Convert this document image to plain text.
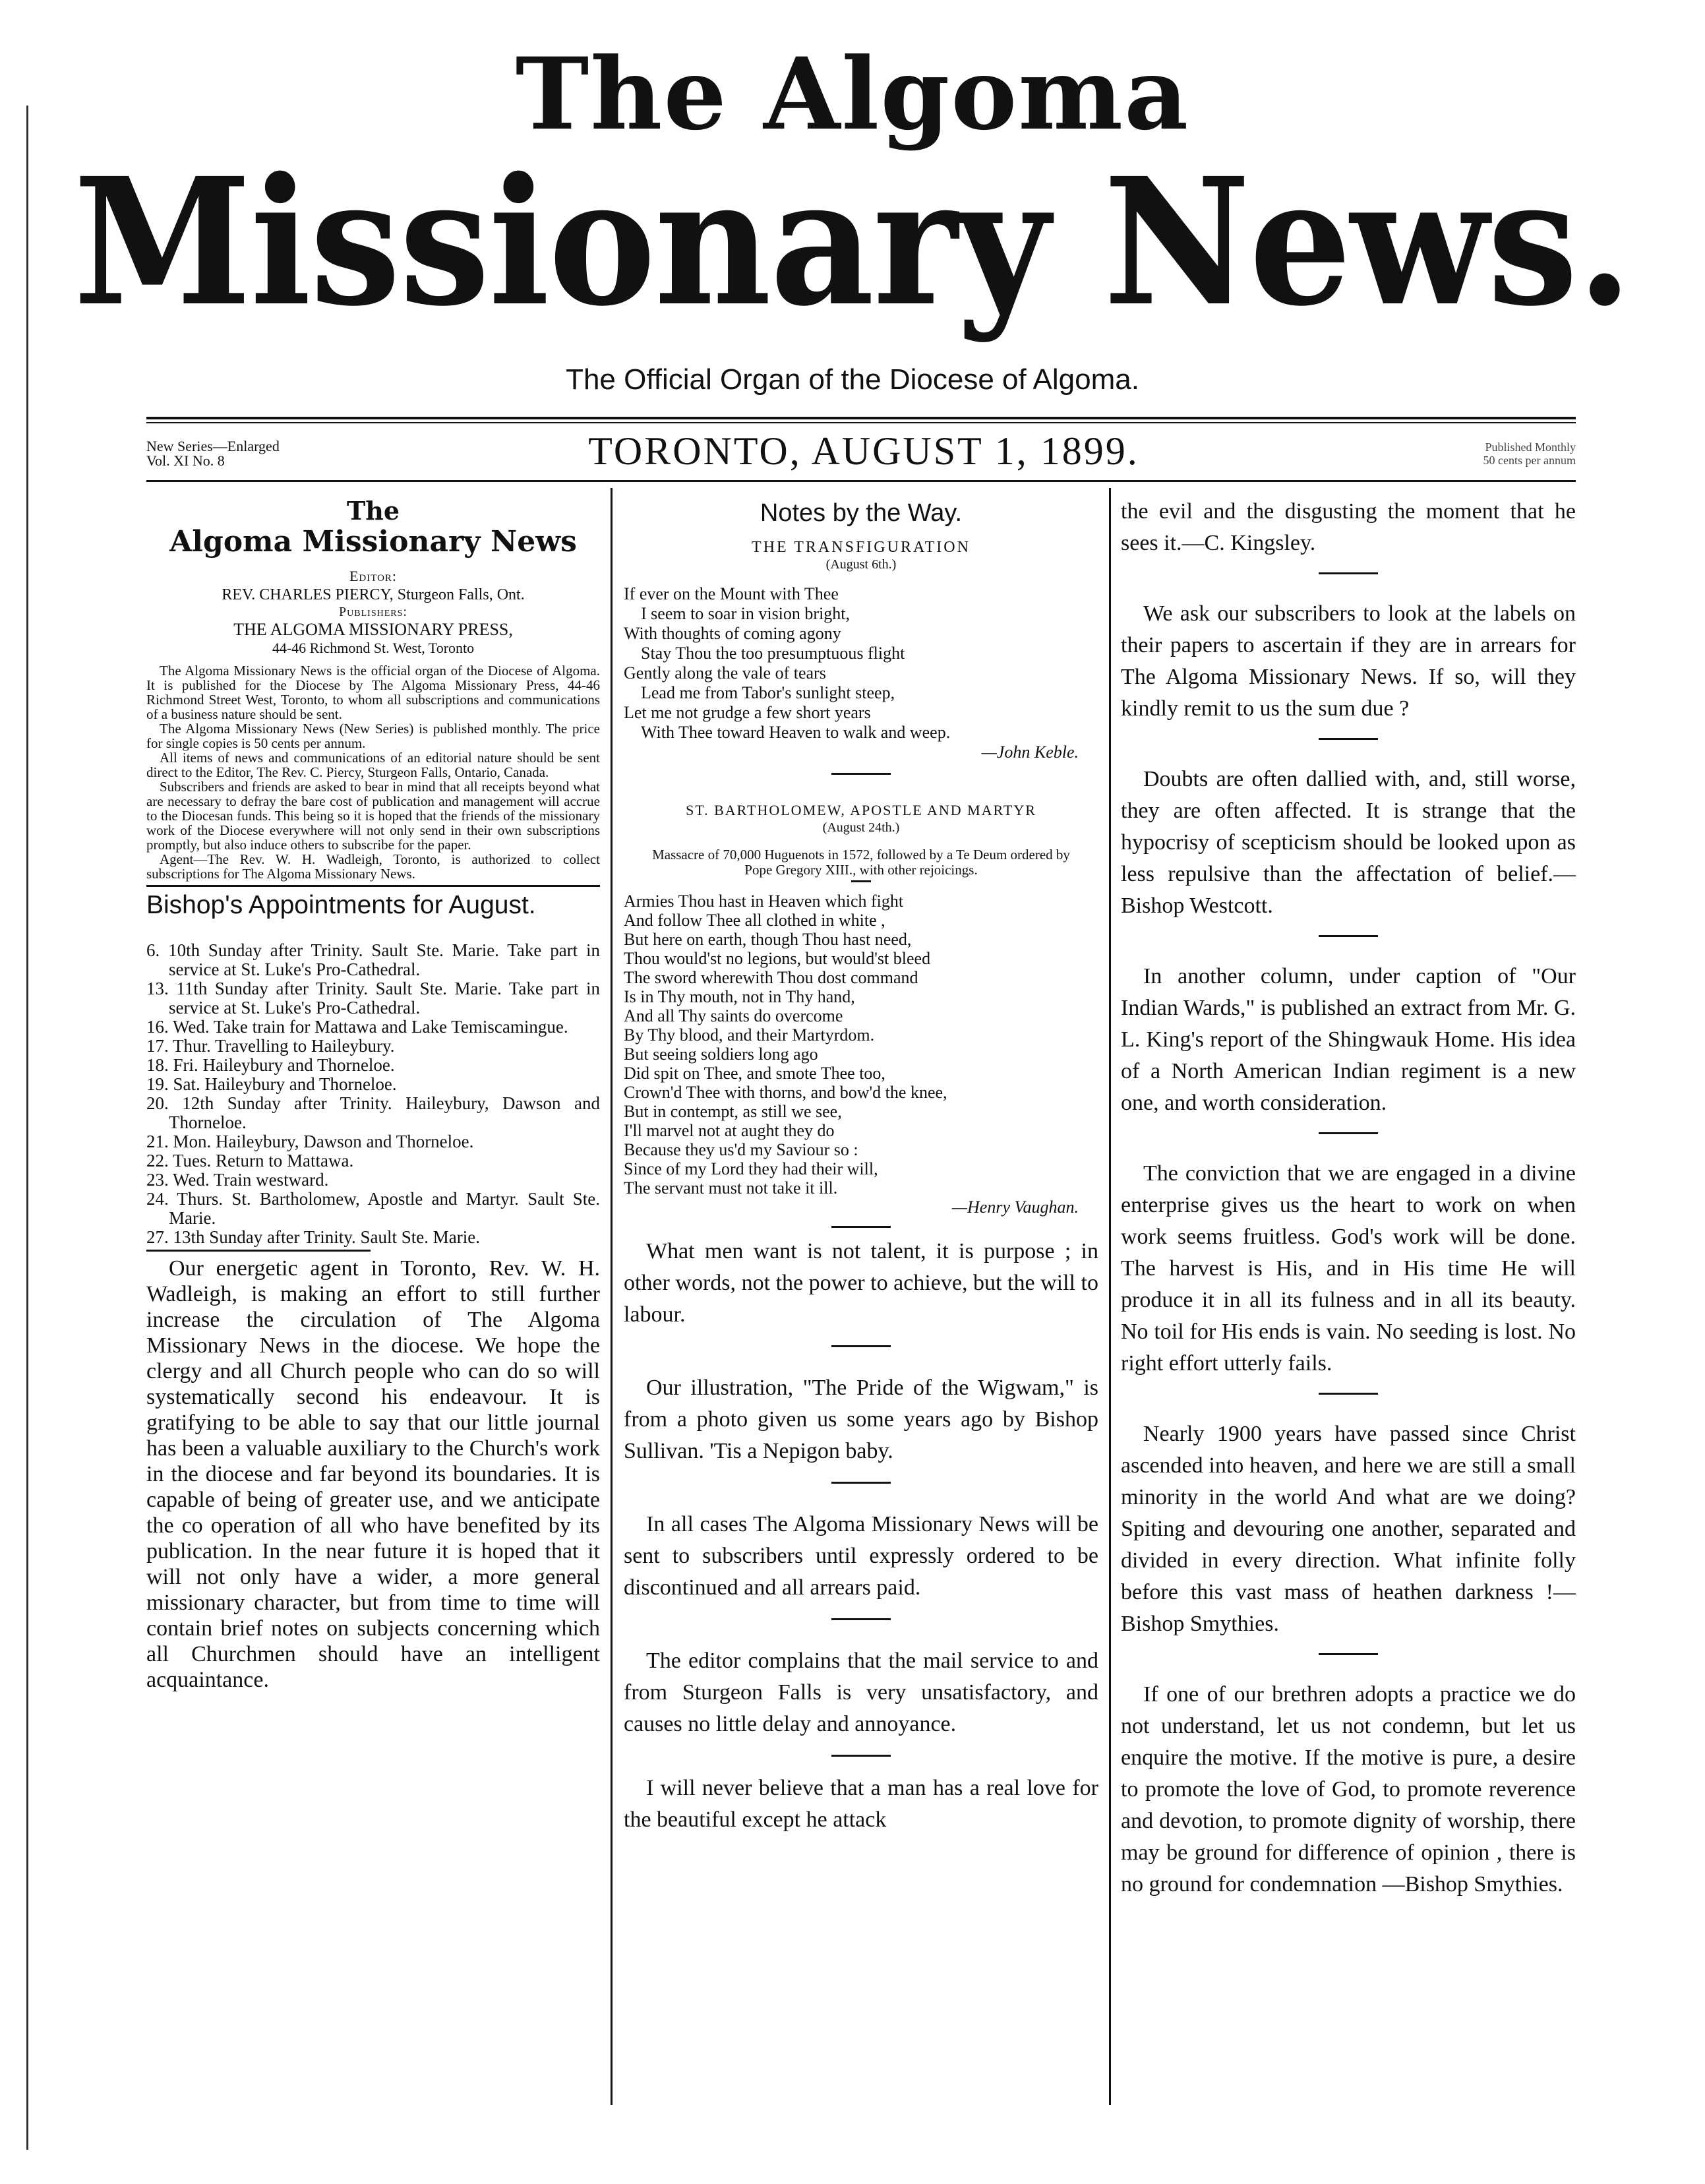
The Algoma
Missionary News.
The Official Organ of the Diocese of Algoma.
New Series—Enlarged
Vol. XI No. 8	TORONTO, AUGUST 1, 1899.	Published Monthly
50 cents per annum
The
Algoma Missionary News
Editor:
REV. CHARLES PIERCY, Sturgeon Falls, Ont.
Publishers:
THE ALGOMA MISSIONARY PRESS,
44-46 Richmond St. West, Toronto

The Algoma Missionary News is the official organ of the Diocese of Algoma. It is published for the Diocese by The Algoma Missionary Press, 44-46 Richmond Street West, Toronto, to whom all subscriptions and communications of a business nature should be sent.

The Algoma Missionary News (New Series) is published monthly. The price for single copies is 50 cents per annum.

All items of news and communications of an editorial nature should be sent direct to the Editor, The Rev. C. Piercy, Sturgeon Falls, Ontario, Canada.

Subscribers and friends are asked to bear in mind that all receipts beyond what are necessary to defray the bare cost of publication and management will accrue to the Diocesan funds. This being so it is hoped that the friends of the missionary work of the Diocese everywhere will not only send in their own subscriptions promptly, but also induce others to subscribe for the paper.

Agent—The Rev. W. H. Wadleigh, Toronto, is authorized to collect subscriptions for The Algoma Missionary News.

Bishop's Appointments for August.

6. 10th Sunday after Trinity. Sault Ste. Marie. Take part in service at St. Luke's Pro-Cathedral.

13. 11th Sunday after Trinity. Sault Ste. Marie. Take part in service at St. Luke's Pro-Cathedral.

16. Wed. Take train for Mattawa and Lake Temiscamingue.

17. Thur. Travelling to Haileybury.

18. Fri. Haileybury and Thorneloe.

19. Sat. Haileybury and Thorneloe.

20. 12th Sunday after Trinity. Haileybury, Dawson and Thorneloe.

21. Mon. Haileybury, Dawson and Thorneloe.

22. Tues. Return to Mattawa.

23. Wed. Train westward.

24. Thurs. St. Bartholomew, Apostle and Martyr. Sault Ste. Marie.

27. 13th Sunday after Trinity. Sault Ste. Marie.

Our energetic agent in Toronto, Rev. W. H. Wadleigh, is making an effort to still further increase the circulation of The Algoma Missionary News in the diocese. We hope the clergy and all Church people who can do so will systematically second his endeavour. It is gratifying to be able to say that our little journal has been a valuable auxiliary to the Church's work in the diocese and far beyond its boundaries. It is capable of being of greater use, and we anticipate the co operation of all who have benefited by its publication. In the near future it is hoped that it will not only have a wider, a more general missionary character, but from time to time will contain brief notes on subjects concerning which all Churchmen should have an intelligent acquaintance.

Notes by the Way.
THE TRANSFIGURATION
(August 6th.)

If ever on the Mount with Thee

I seem to soar in vision bright,

With thoughts of coming agony

Stay Thou the too presumptuous flight

Gently along the vale of tears

Lead me from Tabor's sunlight steep,

Let me not grudge a few short years

With Thee toward Heaven to walk and weep.

—John Keble.

ST. BARTHOLOMEW, APOSTLE AND MARTYR
(August 24th.)

Massacre of 70,000 Huguenots in 1572, followed by a Te Deum ordered by Pope Gregory XIII., with other rejoicings.

Armies Thou hast in Heaven which fight

And follow Thee all clothed in white ,

But here on earth, though Thou hast need,

Thou would'st no legions, but would'st bleed

The sword wherewith Thou dost command

Is in Thy mouth, not in Thy hand,

And all Thy saints do overcome

By Thy blood, and their Martyrdom.

But seeing soldiers long ago

Did spit on Thee, and smote Thee too,

Crown'd Thee with thorns, and bow'd the knee,

But in contempt, as still we see,

I'll marvel not at aught they do

Because they us'd my Saviour so :

Since of my Lord they had their will,

The servant must not take it ill.

—Henry Vaughan.

What men want is not talent, it is purpose ; in other words, not the power to achieve, but the will to labour.

Our illustration, "The Pride of the Wigwam," is from a photo given us some years ago by Bishop Sullivan. 'Tis a Nepigon baby.

In all cases The Algoma Missionary News will be sent to subscribers until expressly ordered to be discontinued and all arrears paid.

The editor complains that the mail service to and from Sturgeon Falls is very unsatisfactory, and causes no little delay and annoyance.

I will never believe that a man has a real love for the beautiful except he attack

the evil and the disgusting the moment that he sees it.—C. Kingsley.

We ask our subscribers to look at the labels on their papers to ascertain if they are in arrears for The Algoma Missionary News. If so, will they kindly remit to us the sum due ?

Doubts are often dallied with, and, still worse, they are often affected. It is strange that the hypocrisy of scepticism should be looked upon as less repulsive than the affectation of belief.—Bishop Westcott.

In another column, under caption of "Our Indian Wards," is published an extract from Mr. G. L. King's report of the Shingwauk Home. His idea of a North American Indian regiment is a new one, and worth consideration.

The conviction that we are engaged in a divine enterprise gives us the heart to work on when work seems fruitless. God's work will be done. The harvest is His, and in His time He will produce it in all its fulness and in all its beauty. No toil for His ends is vain. No seeding is lost. No right effort utterly fails.

Nearly 1900 years have passed since Christ ascended into heaven, and here we are still a small minority in the world And what are we doing? Spiting and devouring one another, separated and divided in every direction. What infinite folly before this vast mass of heathen darkness !—Bishop Smythies.

If one of our brethren adopts a practice we do not understand, let us not condemn, but let us enquire the motive. If the motive is pure, a desire to promote the love of God, to promote reverence and devotion, to promote dignity of worship, there may be ground for difference of opinion , there is no ground for condemnation —Bishop Smythies.
